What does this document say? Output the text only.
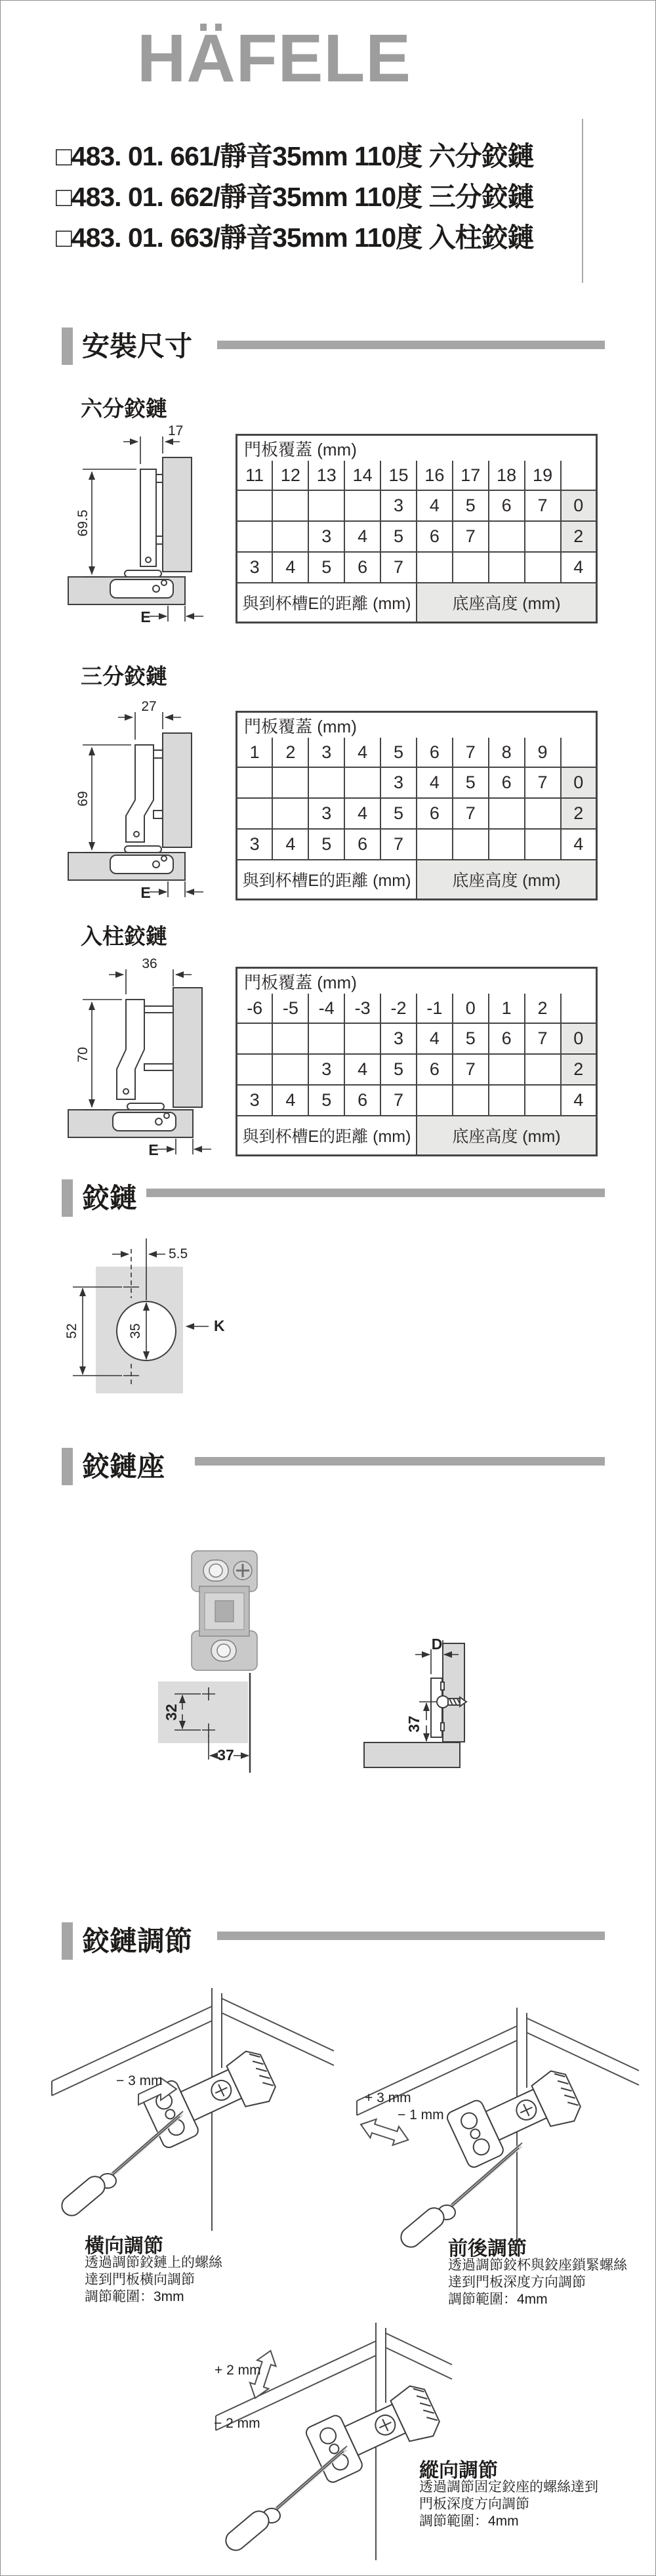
HÄFELE
□483. 01. 661/靜音35mm 110度 六分鉸鏈
□483. 01. 662/靜音35mm 110度 三分鉸鏈
□483. 01. 663/靜音35mm 110度 入柱鉸鏈
安裝尺寸
六分鉸鏈
17
69.5
E
門板覆蓋 (mm)									
11	12	13	14	15	16	17	18	19	
				3	4	5	6	7	0
		3	4	5	6	7			2
3	4	5	6	7					4
與到杯槽E的距離 (mm)					底座高度 (mm)				
三分鉸鏈
27
69
E
門板覆蓋 (mm)									
1	2	3	4	5	6	7	8	9	
				3	4	5	6	7	0
		3	4	5	6	7			2
3	4	5	6	7					4
與到杯槽E的距離 (mm)					底座高度 (mm)				
入柱鉸鏈
36
70
E
門板覆蓋 (mm)									
-6	-5	-4	-3	-2	-1	0	1	2	
				3	4	5	6	7	0
		3	4	5	6	7			2
3	4	5	6	7					4
與到杯槽E的距離 (mm)					底座高度 (mm)				
鉸鏈
5.5
52	35	K
鉸鏈座
32
37
D
37
鉸鏈調節
− 3 mm
橫向調節
透過調節鉸鏈上的螺絲
達到門板橫向調節
調節範圍：3mm
+ 3 mm
− 1 mm
前後調節
透過調節鉸杯與鉸座鎖緊螺絲
達到門板深度方向調節
調節範圍：4mm
+ 2 mm
− 2 mm
縱向調節
透過調節固定鉸座的螺絲達到
門板深度方向調節
調節範圍：4mm
